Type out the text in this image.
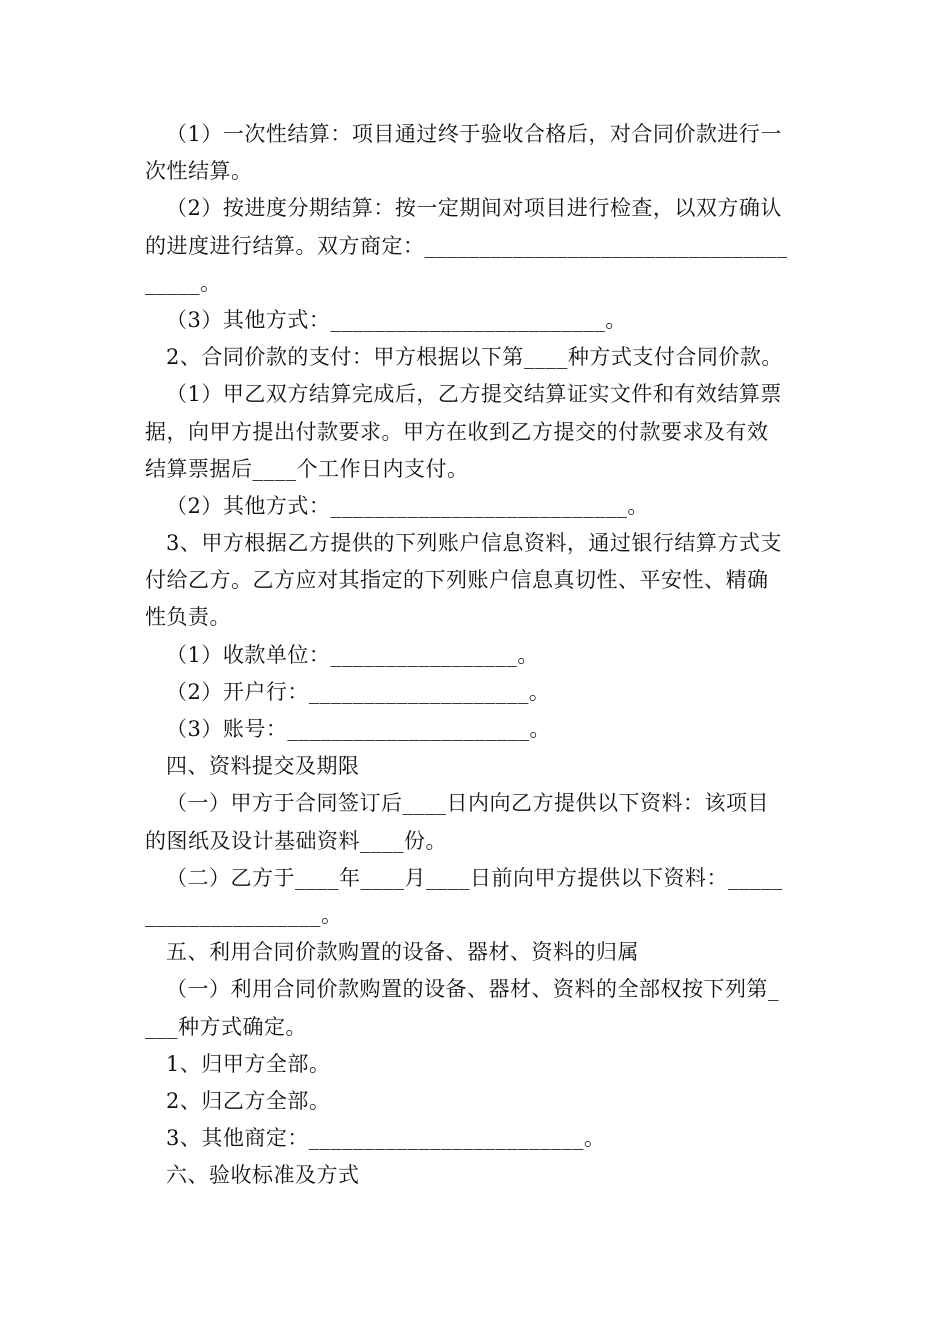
（1）一次性结算：项目通过终于验收合格后，对合同价款进行一
次性结算。
（2）按进度分期结算：按一定期间对项目进行检查，以双方确认
的进度进行结算。双方商定：_________________________________
_____。
（3）其他方式：_________________________。
2、合同价款的支付：甲方根据以下第____种方式支付合同价款。
（1）甲乙双方结算完成后，乙方提交结算证实文件和有效结算票
据，向甲方提出付款要求。甲方在收到乙方提交的付款要求及有效
结算票据后____个工作日内支付。
（2）其他方式：___________________________。
3、甲方根据乙方提供的下列账户信息资料，通过银行结算方式支
付给乙方。乙方应对其指定的下列账户信息真切性、平安性、精确
性负责。
（1）收款单位：_________________。
（2）开户行：____________________。
（3）账号：______________________。
四、资料提交及期限
（一）甲方于合同签订后____日内向乙方提供以下资料：该项目
的图纸及设计基础资料____份。
（二）乙方于____年____月____日前向甲方提供以下资料：_____
________________。
五、利用合同价款购置的设备、器材、资料的归属
（一）利用合同价款购置的设备、器材、资料的全部权按下列第_
___种方式确定。
1、归甲方全部。
2、归乙方全部。
3、其他商定：_________________________。
六、验收标准及方式
